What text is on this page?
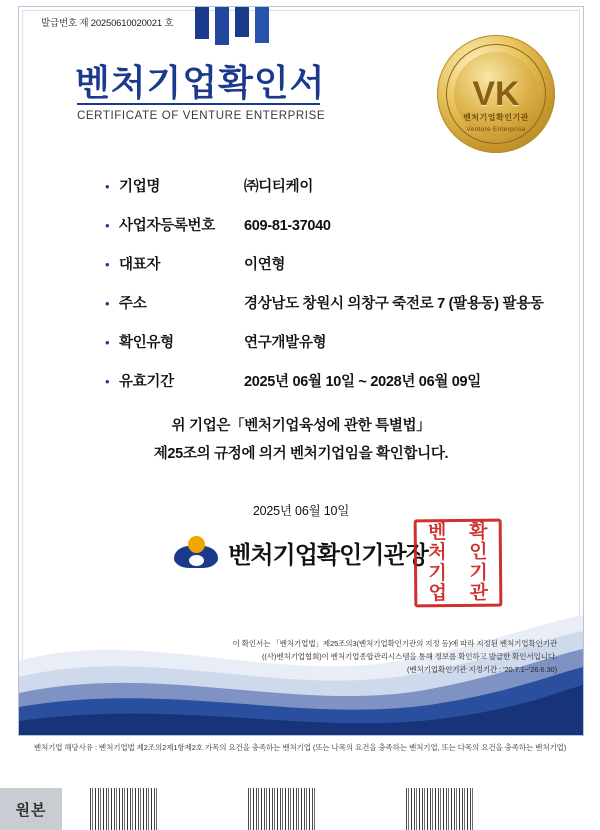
발급번호 제 20250610020021 호
벤처기업확인서
CERTIFICATE OF VENTURE ENTERPRISE
VK
벤처기업확인기관
Venture Enterprise
• 기업명	㈜디티케이
• 사업자등록번호	609-81-37040
• 대표자	이연형
• 주소	경상남도 창원시 의창구 죽전로 7 (팔용동) 팔용동
• 확인유형	연구개발유형
• 유효기간	2025년 06월 10일 ~ 2028년 06월 09일
위 기업은「벤처기업육성에 관한 특별법」
제25조의 규정에 의거 벤처기업임을 확인합니다.
2025년 06월 10일
벤처기업확인기관장
벤 확
처 인
기 기
업 관
이 확인서는 「벤처기업법」제25조의3(벤처기업확인기관의 지정 등)에 따라 지정된 벤처기업확인기관
((사)벤처기업협회)이 벤처기업종합관리시스템을 통해 정보를 확인하고 발급한 확인서입니다.
(벤처기업확인기관 지정기간 : '20.7.1~'26.6.30)
벤처기업 해당사유 : 벤처기업법 제2조의2제1항제2호 가목의 요건을 충족하는 벤처기업 (또는 나목의 요건을 충족하는 벤처기업, 또는 다목의 요건을 충족하는 벤처기업)
원본
